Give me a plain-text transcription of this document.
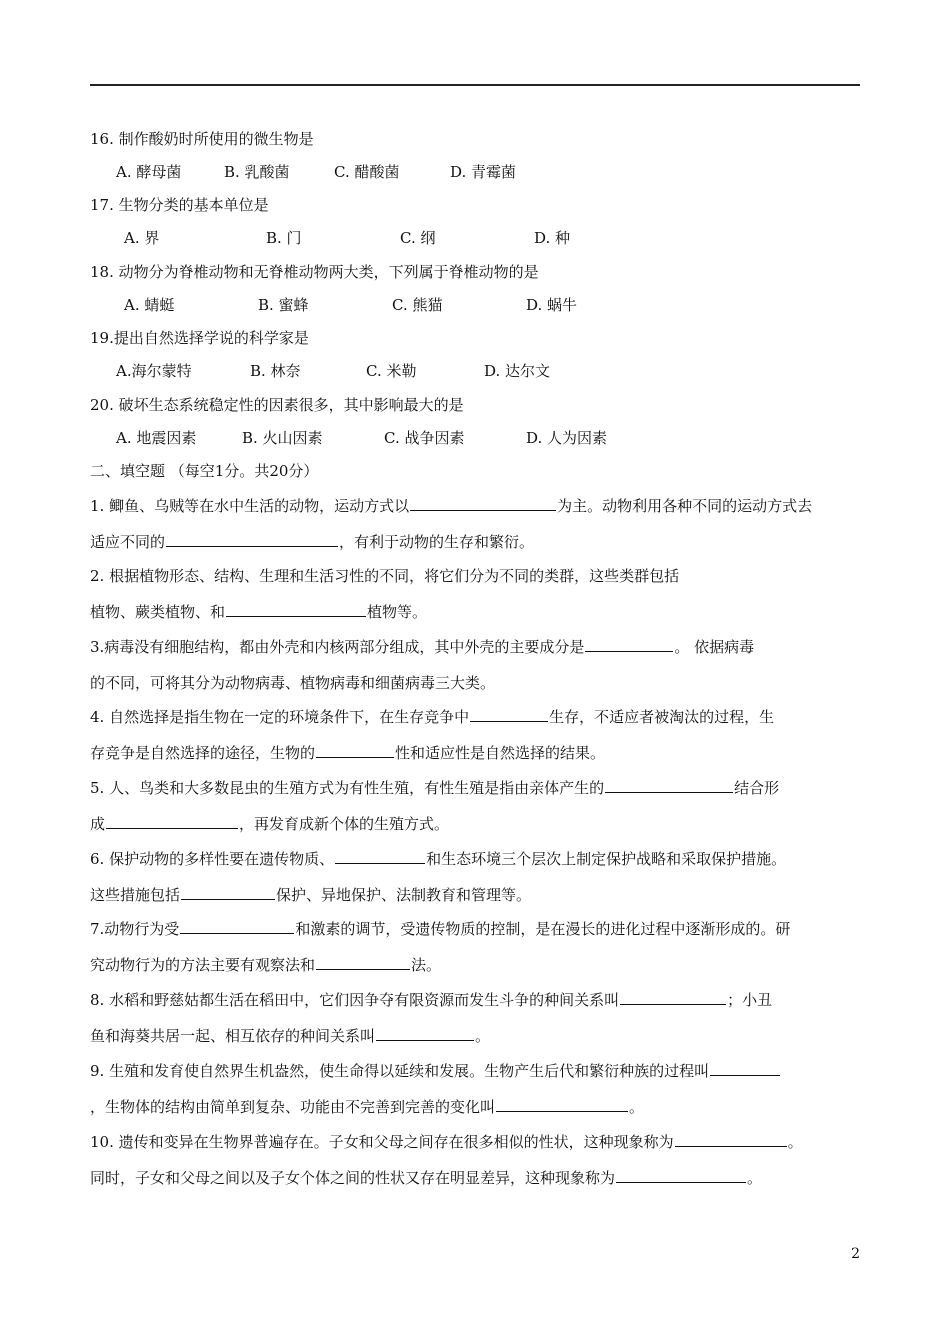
16. 制作酸奶时所使用的微生物是
A. 酵母菌	B. 乳酸菌	C. 醋酸菌	D. 青霉菌
17. 生物分类的基本单位是
A. 界	B. 门	C. 纲	D. 种
18. 动物分为脊椎动物和无脊椎动物两大类，下列属于脊椎动物的是
A. 蜻蜓	B. 蜜蜂	C. 熊猫	D. 蜗牛
19.提出自然选择学说的科学家是
A.海尔蒙特	B. 林奈	C. 米勒	D. 达尔文
20. 破坏生态系统稳定性的因素很多，其中影响最大的是
A. 地震因素	B. 火山因素	C. 战争因素	D. 人为因素
二、填空题 （每空1分。共20分）
1. 鲫鱼、乌贼等在水中生活的动物，运动方式以	为主。动物利用各种不同的运动方式去
适应不同的	，有利于动物的生存和繁衍。
2. 根据植物形态、结构、生理和生活习性的不同，将它们分为不同的类群，这些类群包括
植物、蕨类植物、和	植物等。
3.病毒没有细胞结构，都由外壳和内核两部分组成，其中外壳的主要成分是	。 依据病毒
的不同，可将其分为动物病毒、植物病毒和细菌病毒三大类。
4. 自然选择是指生物在一定的环境条件下，在生存竞争中	生存，不适应者被淘汰的过程，生
存竞争是自然选择的途径，生物的	性和适应性是自然选择的结果。
5. 人、鸟类和大多数昆虫的生殖方式为有性生殖，有性生殖是指由亲体产生的	结合形
成	，再发育成新个体的生殖方式。
6. 保护动物的多样性要在遗传物质、	和生态环境三个层次上制定保护战略和采取保护措施。
这些措施包括	保护、异地保护、法制教育和管理等。
7.动物行为受	和激素的调节，受遗传物质的控制，是在漫长的进化过程中逐渐形成的。研
究动物行为的方法主要有观察法和	法。
8. 水稻和野慈姑都生活在稻田中，它们因争夺有限资源而发生斗争的种间关系叫	；小丑
鱼和海葵共居一起、相互依存的种间关系叫	。
9. 生殖和发育使自然界生机盎然，使生命得以延续和发展。生物产生后代和繁衍种族的过程叫
，生物体的结构由简单到复杂、功能由不完善到完善的变化叫	。
10. 遗传和变异在生物界普遍存在。子女和父母之间存在很多相似的性状，这种现象称为	。
同时，子女和父母之间以及子女个体之间的性状又存在明显差异，这种现象称为	。
2
